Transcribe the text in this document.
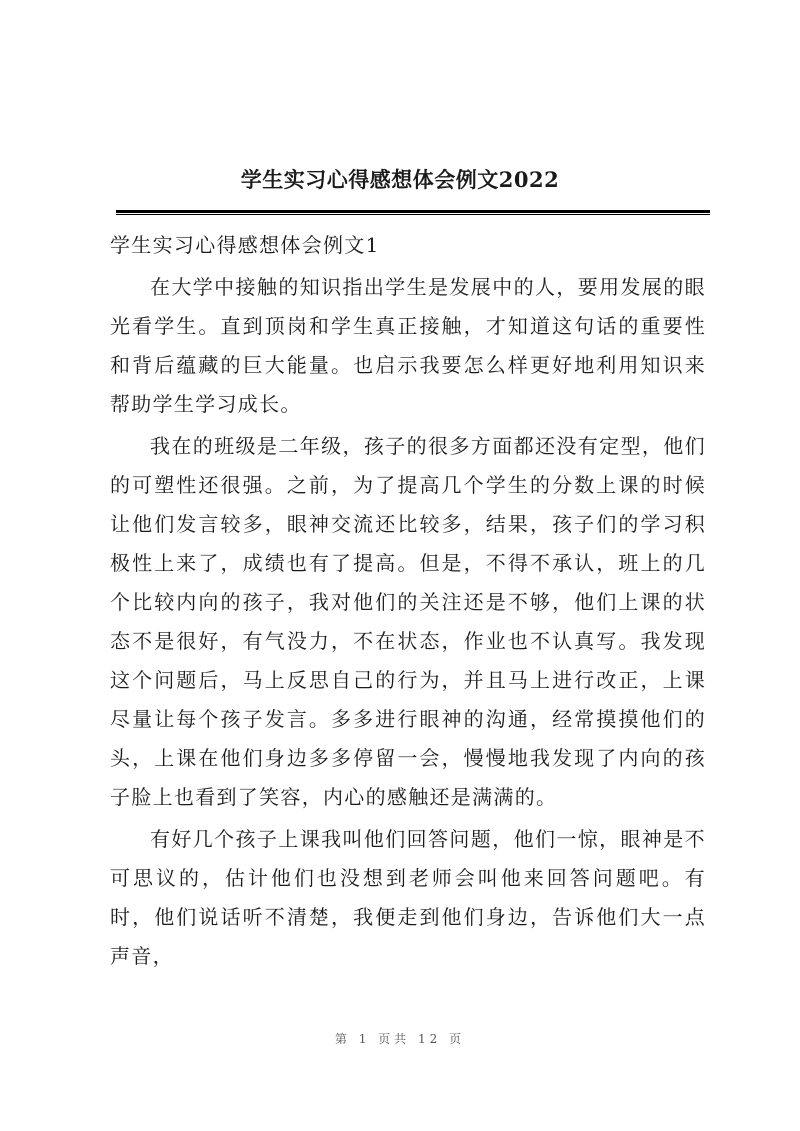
学生实习心得感想体会例文2022

学生实习心得感想体会例文1

在大学中接触的知识指出学生是发展中的人，要用发展的眼光看学生。直到顶岗和学生真正接触，才知道这句话的重要性和背后蕴藏的巨大能量。也启示我要怎么样更好地利用知识来帮助学生学习成长。

我在的班级是二年级，孩子的很多方面都还没有定型，他们的可塑性还很强。之前，为了提高几个学生的分数上课的时候让他们发言较多，眼神交流还比较多，结果，孩子们的学习积极性上来了，成绩也有了提高。但是，不得不承认，班上的几个比较内向的孩子，我对他们的关注还是不够，他们上课的状态不是很好，有气没力，不在状态，作业也不认真写。我发现这个问题后，马上反思自己的行为，并且马上进行改正，上课尽量让每个孩子发言。多多进行眼神的沟通，经常摸摸他们的头，上课在他们身边多多停留一会，慢慢地我发现了内向的孩子脸上也看到了笑容，内心的感触还是满满的。

有好几个孩子上课我叫他们回答问题，他们一惊，眼神是不可思议的，估计他们也没想到老师会叫他来回答问题吧。有时，他们说话听不清楚，我便走到他们身边，告诉他们大一点声音，

第 1 页共 12 页
